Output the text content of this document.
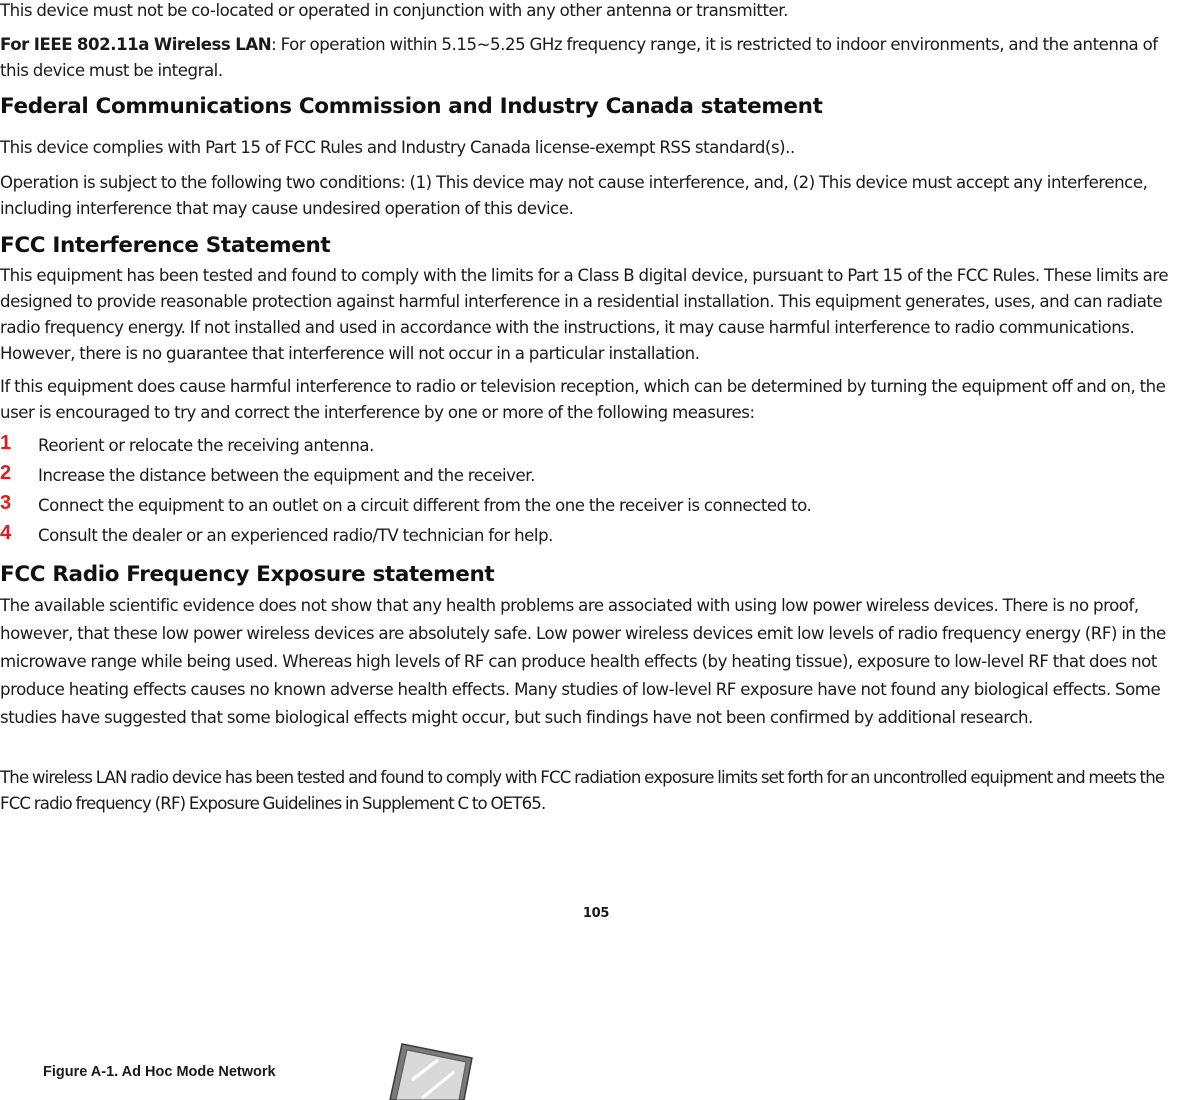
This device must not be co-located or operated in conjunction with any other antenna or transmitter.

For IEEE 802.11a Wireless LAN: For operation within 5.15~5.25 GHz frequency range, it is restricted to indoor environments, and the antenna of this device must be integral.

Federal Communications Commission and Industry Canada statement

This device complies with Part 15 of FCC Rules and Industry Canada license-exempt RSS standard(s)..

Operation is subject to the following two conditions: (1) This device may not cause interference, and, (2) This device must accept any interference, including interference that may cause undesired operation of this device.

FCC Interference Statement

This equipment has been tested and found to comply with the limits for a Class B digital device, pursuant to Part 15 of the FCC Rules. These limits are designed to provide reasonable protection against harmful interference in a residential installation. This equipment generates, uses, and can radiate radio frequency energy. If not installed and used in accordance with the instructions, it may cause harmful interference to radio communications. However, there is no guarantee that interference will not occur in a particular installation.

If this equipment does cause harmful interference to radio or television reception, which can be determined by turning the equipment off and on, the user is encouraged to try and correct the interference by one or more of the following measures:

1 Reorient or relocate the receiving antenna.
2 Increase the distance between the equipment and the receiver.
3 Connect the equipment to an outlet on a circuit different from the one the receiver is connected to.
4 Consult the dealer or an experienced radio/TV technician for help.
FCC Radio Frequency Exposure statement

The available scientific evidence does not show that any health problems are associated with using low power wireless devices. There is no proof, however, that these low power wireless devices are absolutely safe. Low power wireless devices emit low levels of radio frequency energy (RF) in the microwave range while being used. Whereas high levels of RF can produce health effects (by heating tissue), exposure to low-level RF that does not produce heating effects causes no known adverse health effects. Many studies of low-level RF exposure have not found any biological effects. Some studies have suggested that some biological effects might occur, but such findings have not been confirmed by additional research.

The wireless LAN radio device has been tested and found to comply with FCC radiation exposure limits set forth for an uncontrolled equipment and meets the FCC radio frequency (RF) Exposure Guidelines in Supplement C to OET65.

105
Figure A-1. Ad Hoc Mode Network
